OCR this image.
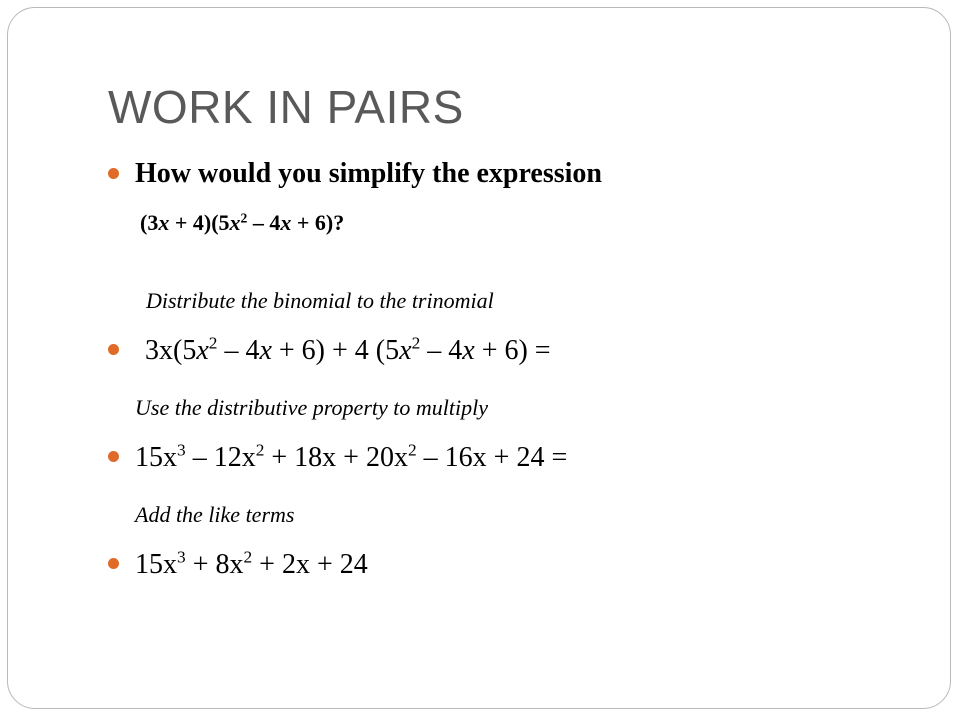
WORK IN PAIRS
How would you simplify the expression
$(3x + 4)(5x^2 - 4x + 6)$?
Distribute the binomial to the trinomial
$3x(5x^2 - 4x + 6) + 4$ $(5x^2 - 4x + 6)$ =
Use the distributive property to multiply
$15x^3 - 12x^2 + 18x + 20x^2 - 16x + 24$ =
Add the like terms
$15x^3 + 8x^2 + 2x + 24$
